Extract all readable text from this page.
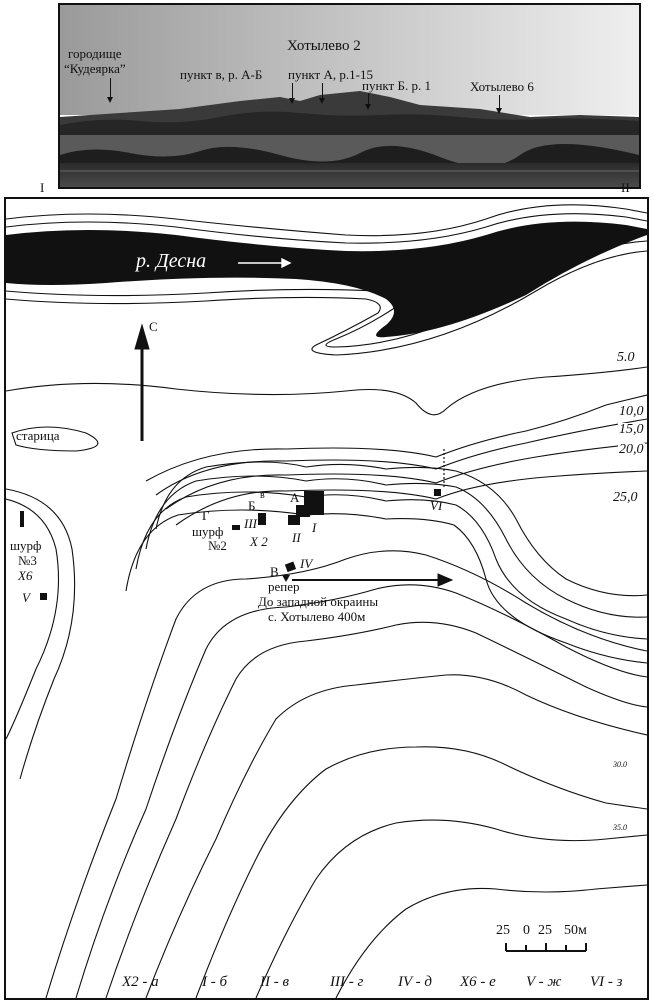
Хотылево 2
городище
“Кудеярка”	пункт в, р. А-Б пункт А, р.1-15
пункт Б. р. 1	Хотылево 6
I	II
р. Десна
С
старица
5.0
10,0
15,0
20,0
25,0
30.0
35.0
А
Б
в
Г
шурф
№2
III
X 2 II
I
VI
IV
В
репер
До западной окраины
с. Хотылево 400м
шурф
№3
X6
V
25 0 25 50м
X2 - а	I - б II - в	III - г IV - д X6 - е V - ж VI - з
